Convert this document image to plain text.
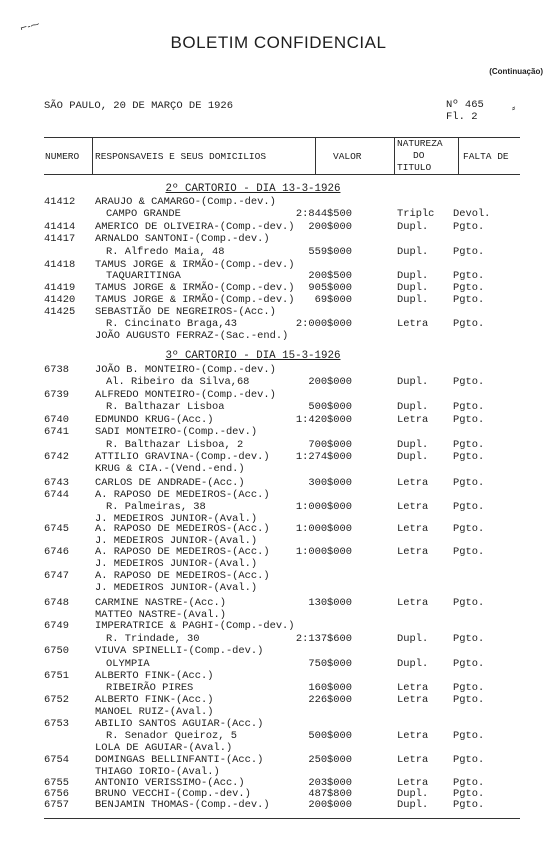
⌐‑⁓
⸗
BOLETIM CONFIDENCIAL
(Continuação)
SÃO PAULO, 20 DE MARÇO DE 1926	Nº 465
Fl. 2
NUMERO RESPONSAVEIS E SEUS DOMICILIOS	VALOR
NATUREZA
DO
TITULO
FALTA DE
2º CARTORIO - DIA 13-3-1926
41412 ARAUJO & CAMARGO-(Comp.-dev.)
CAMPO GRANDE	2:844$500	Triplc Devol.
41414 AMERICO DE OLIVEIRA-(Comp.-dev.)	200$000	Dupl. Pgto.
41417 ARNALDO SANTONI-(Comp.-dev.)
R. Alfredo Maia, 48	559$000	Dupl. Pgto.
41418 TAMUS JORGE & IRMÃO-(Comp.-dev.)
TAQUARITINGA	200$500	Dupl. Pgto.
41419 TAMUS JORGE & IRMÃO-(Comp.-dev.)	905$000	Dupl. Pgto.
41420 TAMUS JORGE & IRMÃO-(Comp.-dev.)	69$000	Dupl. Pgto.
41425 SEBASTIÃO DE NEGREIROS-(Acc.)
R. Cincinato Braga,43	2:000$000	Letra Pgto.
JOÃO AUGUSTO FERRAZ-(Sac.-end.)
3º CARTORIO - DIA 15-3-1926
6738	JOÃO B. MONTEIRO-(Comp.-dev.)
Al. Ribeiro da Silva,68	200$000	Dupl. Pgto.
6739	ALFREDO MONTEIRO-(Comp.-dev.)
R. Balthazar Lisboa	500$000	Dupl. Pgto.
6740	EDMUNDO KRUG-(Acc.)	1:420$000	Letra Pgto.
6741	SADI MONTEIRO-(Comp.-dev.)
R. Balthazar Lisboa, 2	700$000	Dupl. Pgto.
6742	ATTILIO GRAVINA-(Comp.-dev.)	1:274$000	Dupl. Pgto.
KRUG & CIA.-(Vend.-end.)
6743	CARLOS DE ANDRADE-(Acc.)	300$000	Letra Pgto.
6744	A. RAPOSO DE MEDEIROS-(Acc.)
R. Palmeiras, 38	1:000$000	Letra Pgto.
J. MEDEIROS JUNIOR-(Aval.)
6745	A. RAPOSO DE MEDEIROS-(Acc.)	1:000$000	Letra Pgto.
J. MEDEIROS JUNIOR-(Aval.)
6746	A. RAPOSO DE MEDEIROS-(Acc.)	1:000$000	Letra Pgto.
J. MEDEIROS JUNIOR-(Aval.)
6747	A. RAPOSO DE MEDEIROS-(Acc.)
J. MEDEIROS JUNIOR-(Aval.)
6748	CARMINE NASTRE-(Acc.)	130$000	Letra Pgto.
MATTEO NASTRE-(Aval.)
6749	IMPERATRICE & PAGHI-(Comp.-dev.)
R. Trindade, 30	2:137$600	Dupl. Pgto.
6750	VIUVA SPINELLI-(Comp.-dev.)
OLYMPIA	750$000	Dupl. Pgto.
6751	ALBERTO FINK-(Acc.)
RIBEIRÃO PIRES	160$000	Letra Pgto.
6752	ALBERTO FINK-(Acc.)	226$000	Letra Pgto.
MANOEL RUIZ-(Aval.)
6753	ABILIO SANTOS AGUIAR-(Acc.)
R. Senador Queiroz, 5	500$000	Letra Pgto.
LOLA DE AGUIAR-(Aval.)
6754	DOMINGAS BELLINFANTI-(Acc.)	250$000	Letra Pgto.
THIAGO IORIO-(Aval.)
6755	ANTONIO VERISSIMO-(Acc.)	203$000	Letra Pgto.
6756	BRUNO VECCHI-(Comp.-dev.)	487$800	Dupl. Pgto.
6757	BENJAMIN THOMAS-(Comp.-dev.)	200$000	Dupl. Pgto.
